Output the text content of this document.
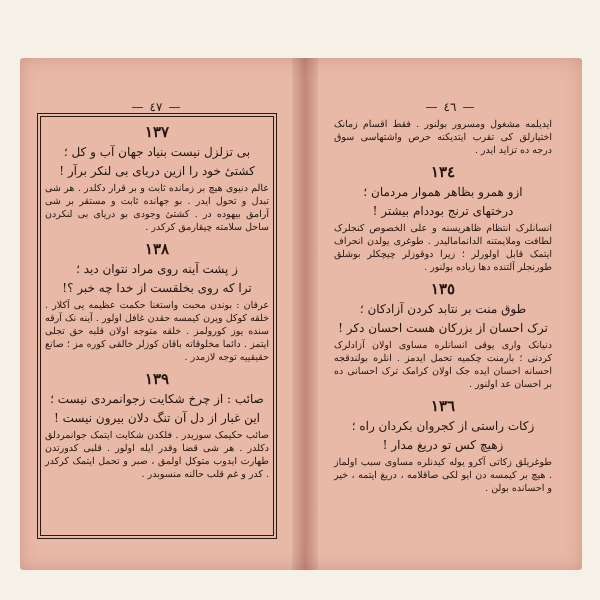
— ٤٧ —
١٣٧
بی تزلزل نیست بنیاد جهان آب و کل ؛
کشتیٔ خود را ازین دریای بی لنکر برآر !
عالم دنیوی هیچ بر زمانده ثابت و بر قرار دکلدر . هر شی تبدل و تحول ایدر . بو جهانده ثابت و مستقر بر شی آرامق بیهوده در . کشتیٔ وجودی بو دریای بی لنکردن ساحل سلامته چیقارمق کرکدر .
١٣٨
ز پشت آینه روی مراد نتوان دید ؛
ترا که روی بخلقست از خدا چه خبر ؟!
عرفان : بوندن محبت واستغنا حکمت عظیمه یی آکلار . خلقه کوکل ویرن کیمسه حقدن غافل اولور . آینه نک آرقه سنده یوز کورولمز . خلقه متوجه اولان قلبه حق تجلی ایتمز . دائما مخلوقاته باقان کوزلر خالقی کوره مز ؛ صانع حقیقییه توجه لازمدر .
١٣٩
صائب : از چرخ شکایت زجوانمردی نیست ؛
این غبار از دل آن تنگ دلان بیرون نیست !
صائب حکیمک سوزیدر . فلکدن شکایت ایتمک جوانمردلق دکلدر . هر شی قضا وقدر ایله اولور . قلبی کدورتدن طهارت ایدوب متوکل اولمق ، صبر و تحمل ایتمک کرکدر . کدر و غم قلب حالنه منسوبدر .
— ٤٦ —
ایدیلمه مشغول ومسرور بولنور . فقط اقسام زمانک اختیارلق کی تقرب ایتدیکنه حرص واشتهاسی سوق درجه ده تزاید ایدر .
١٣٤
ازو همرو بظاهر هموار مردمان ؛
درختهای ترنج بوددام بیشتر !
انسانلرک انتظام ظاهریسنه و علی الخصوص کنجلرک لطافت وملایمتنه الدانمامالیدر . طوغری یولدن انحراف ایتمک قابل اولورلر ؛ زیرا دوقوزلر چیچکلر بوشلق طورنجلر آلتنده دها زیاده بولنور .
١٣٥
طوق منت بر نتابد کردن آزادکان ؛
ترک احسان از بزرکان هست احسان دکر !
دنیانک واری یوقی انسانلره مساوی اولان آزادلرک کردنی ؛ بارمنت چکمیه تحمل ایدمز . انلره بولندقجه احسانه احسان ایده جک اولان کرامک ترک احسانی ده بر احسان عد اولنور .
١٣٦
زکات راستی از کجروان بکردان راه ؛
زهیچ کس تو دریغ مدار !
طوغریلق زکاتی آکرو یوله کیدنلره مساوی سبب اولماز . هیچ بر کیمسه دن ایو لکی صاقلامه ، دریغ ایتمه ، خیر و احسانده بولن .
